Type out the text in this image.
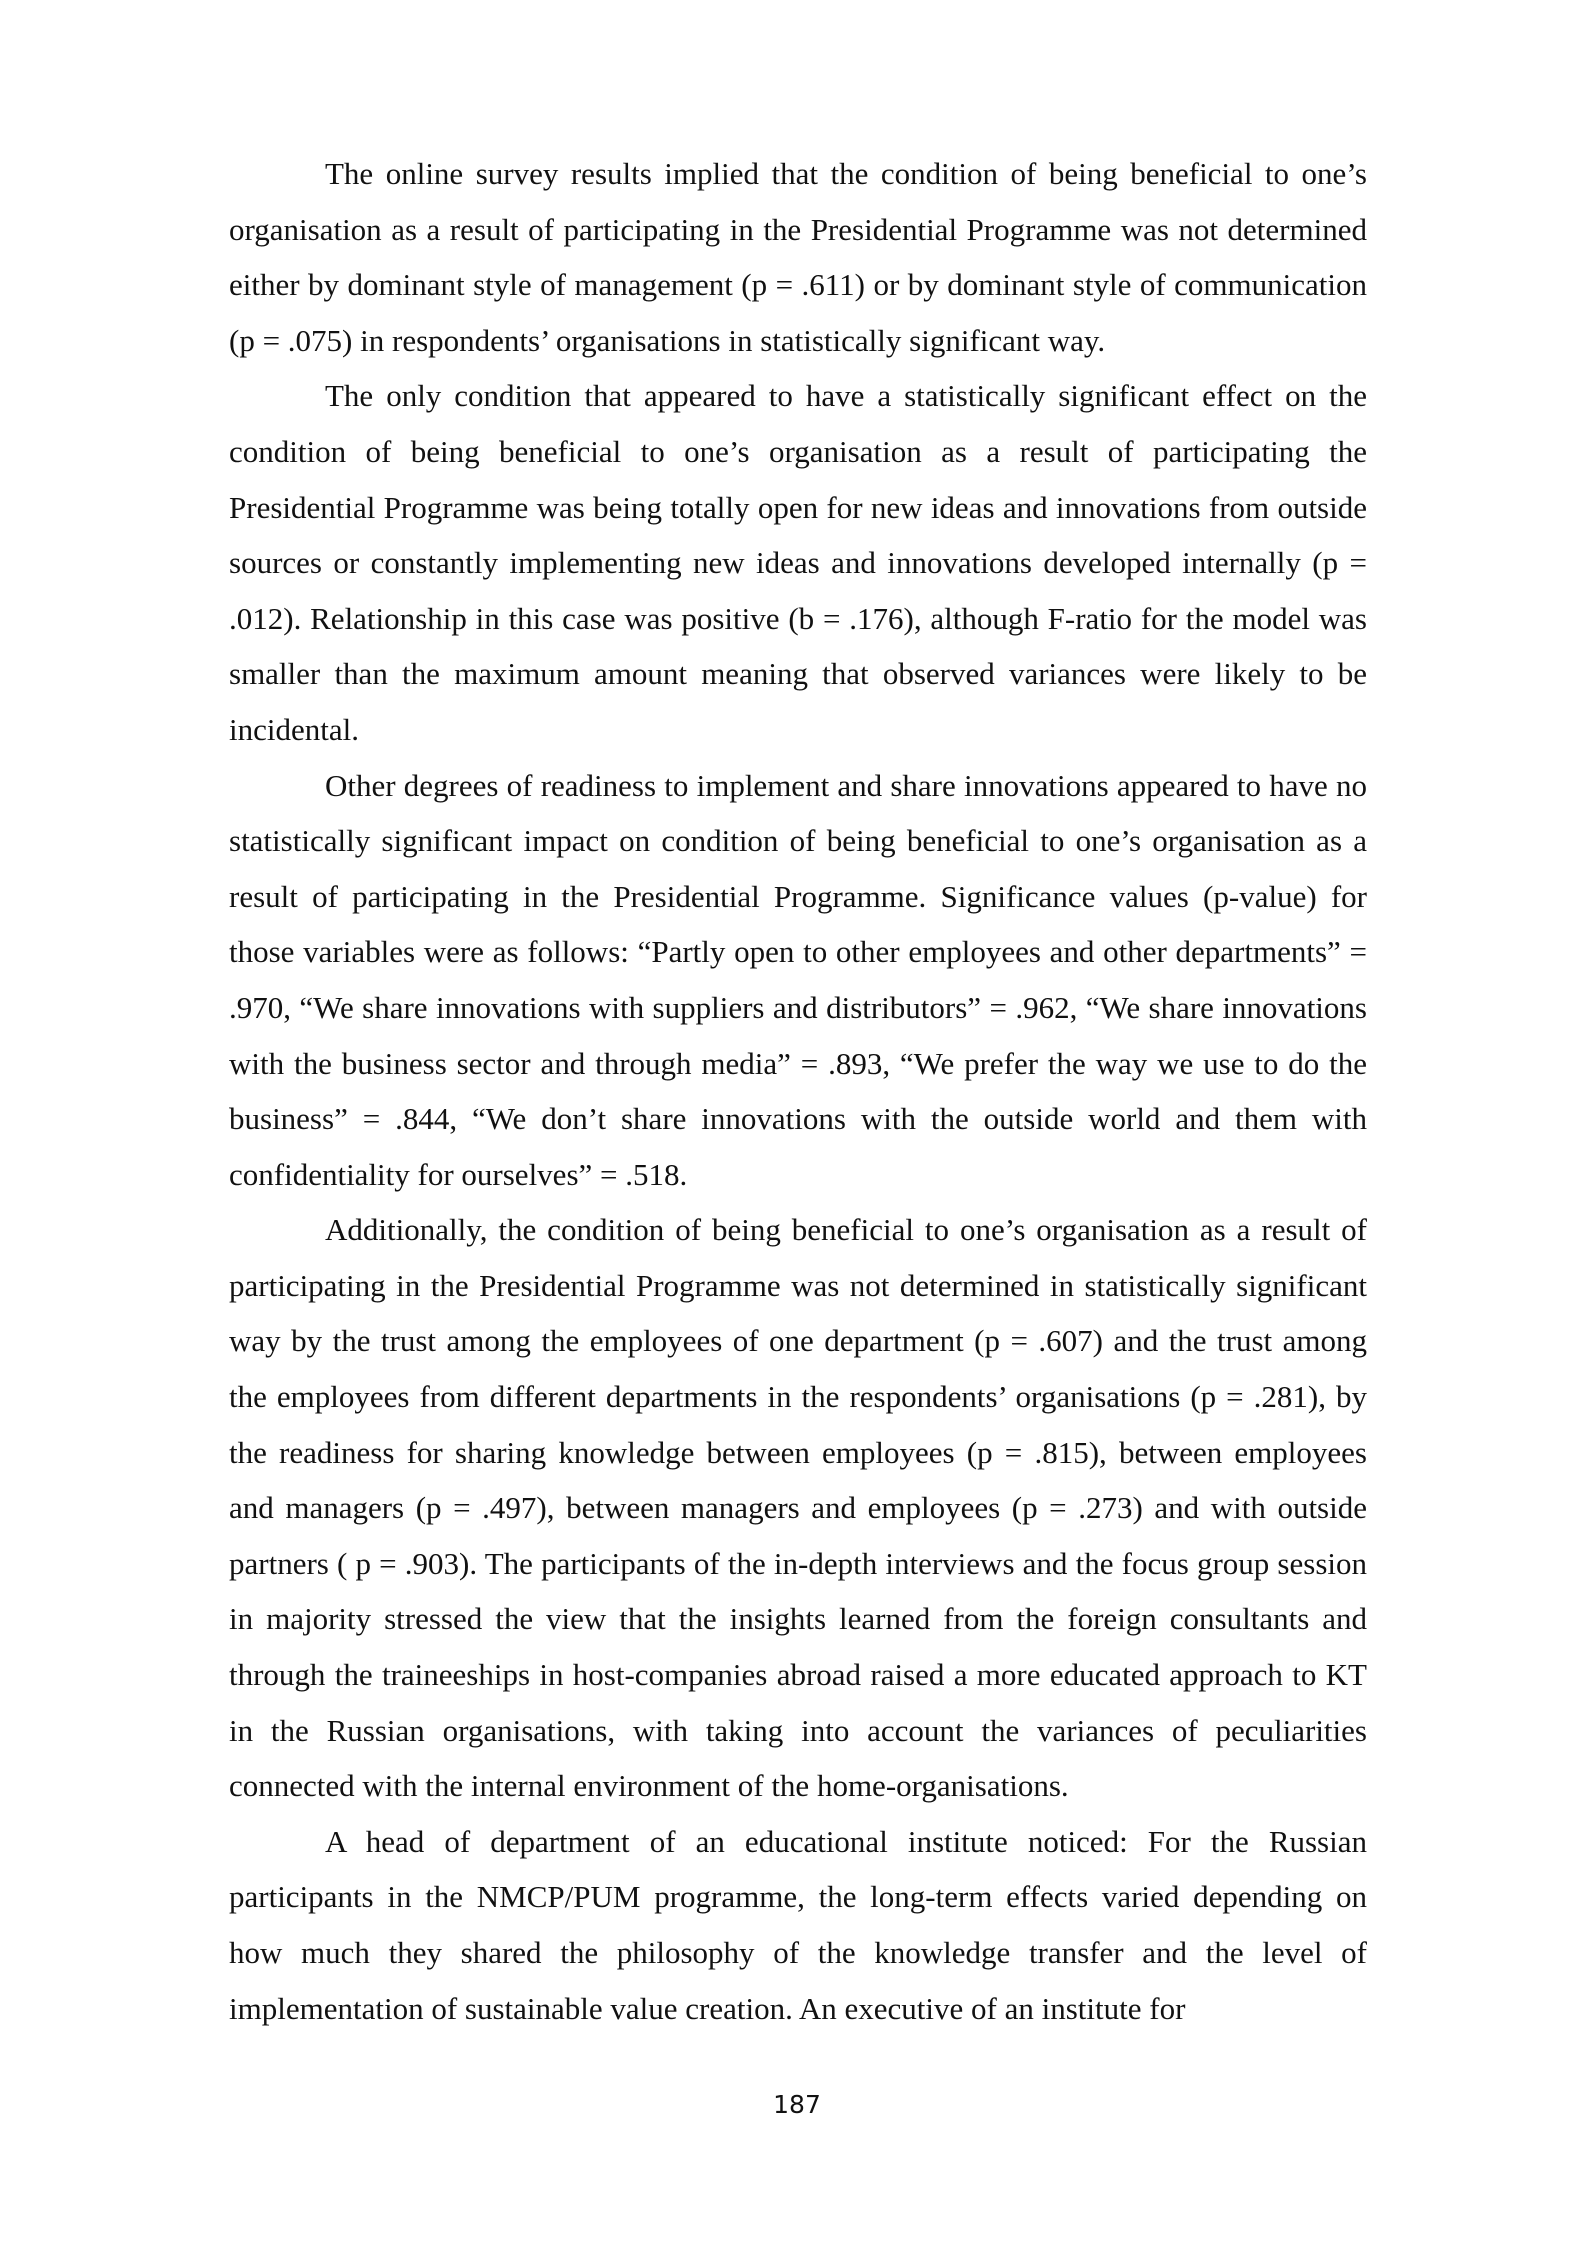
The online survey results implied that the condition of being beneficial to one’s organisation as a result of participating in the Presidential Programme was not determined either by dominant style of management (p = .611) or by dominant style of communication (p = .075) in respondents’ organisations in statistically significant way.

The only condition that appeared to have a statistically significant effect on the condition of being beneficial to one’s organisation as a result of participating the Presidential Programme was being totally open for new ideas and innovations from outside sources or constantly implementing new ideas and innovations developed internally (p = .012). Relationship in this case was positive (b = .176), although F-ratio for the model was smaller than the maximum amount meaning that observed variances were likely to be incidental.

Other degrees of readiness to implement and share innovations appeared to have no statistically significant impact on condition of being beneficial to one’s organisation as a result of participating in the Presidential Programme. Significance values (p-value) for those variables were as follows: “Partly open to other employees and other departments” = .970, “We share innovations with suppliers and distributors” = .962, “We share innovations with the business sector and through media” = .893, “We prefer the way we use to do the business” = .844, “We don’t share innovations with the outside world and them with confidentiality for ourselves” = .518.

Additionally, the condition of being beneficial to one’s organisation as a result of participating in the Presidential Programme was not determined in statistically significant way by the trust among the employees of one department (p = .607) and the trust among the employees from different departments in the respondents’ organisations (p = .281), by the readiness for sharing knowledge between employees (p = .815), between employees and managers (p = .497), between managers and employees (p = .273) and with outside partners ( p = .903). The participants of the in-depth interviews and the focus group session in majority stressed the view that the insights learned from the foreign consultants and through the traineeships in host-companies abroad raised a more educated approach to KT in the Russian organisations, with taking into account the variances of peculiarities connected with the internal environment of the home-organisations.

A head of department of an educational institute noticed: For the Russian participants in the NMCP/PUM programme, the long-term effects varied depending on how much they shared the philosophy of the knowledge transfer and the level of implementation of sustainable value creation. An executive of an institute for

187
